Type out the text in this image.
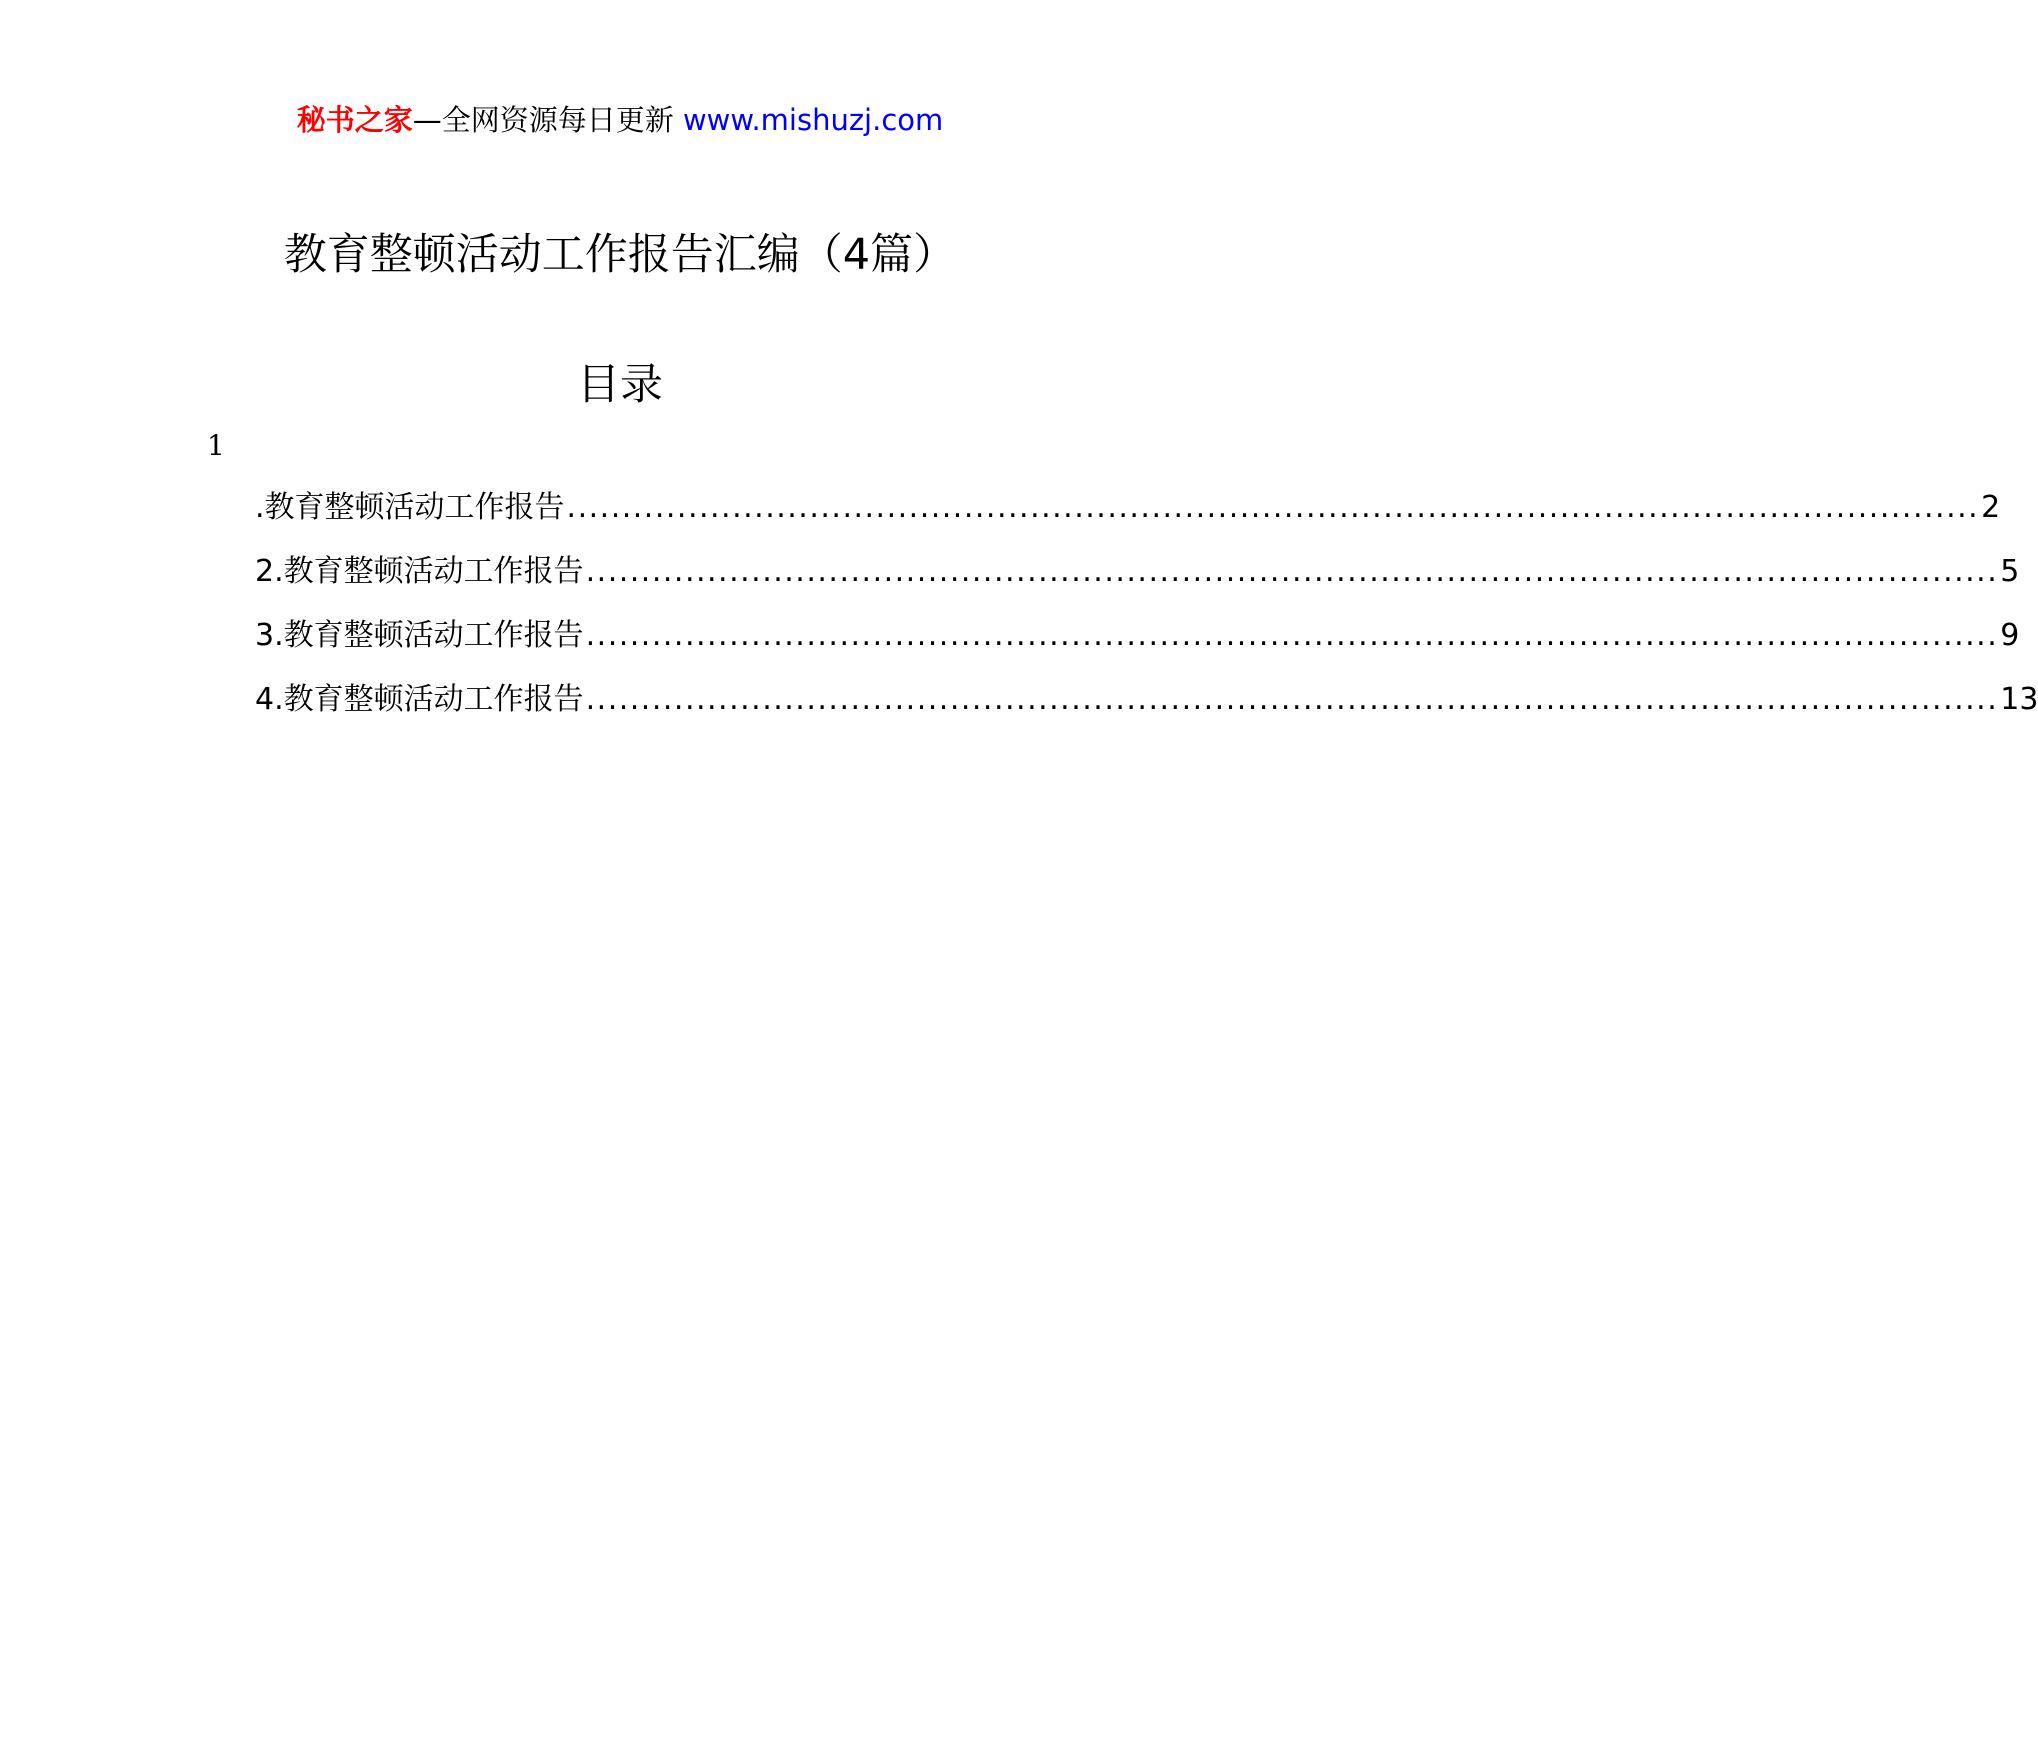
秘书之家—全网资源每日更新 www.mishuzj.com
教育整顿活动工作报告汇编（4篇）
目录
1
.教育整顿活动工作报告 ................................................................................................................................ 2
2.教育整顿活动工作报告 ................................................................................................................................ 5
3.教育整顿活动工作报告 ................................................................................................................................ 9
4.教育整顿活动工作报告 ................................................................................................................................ 13
